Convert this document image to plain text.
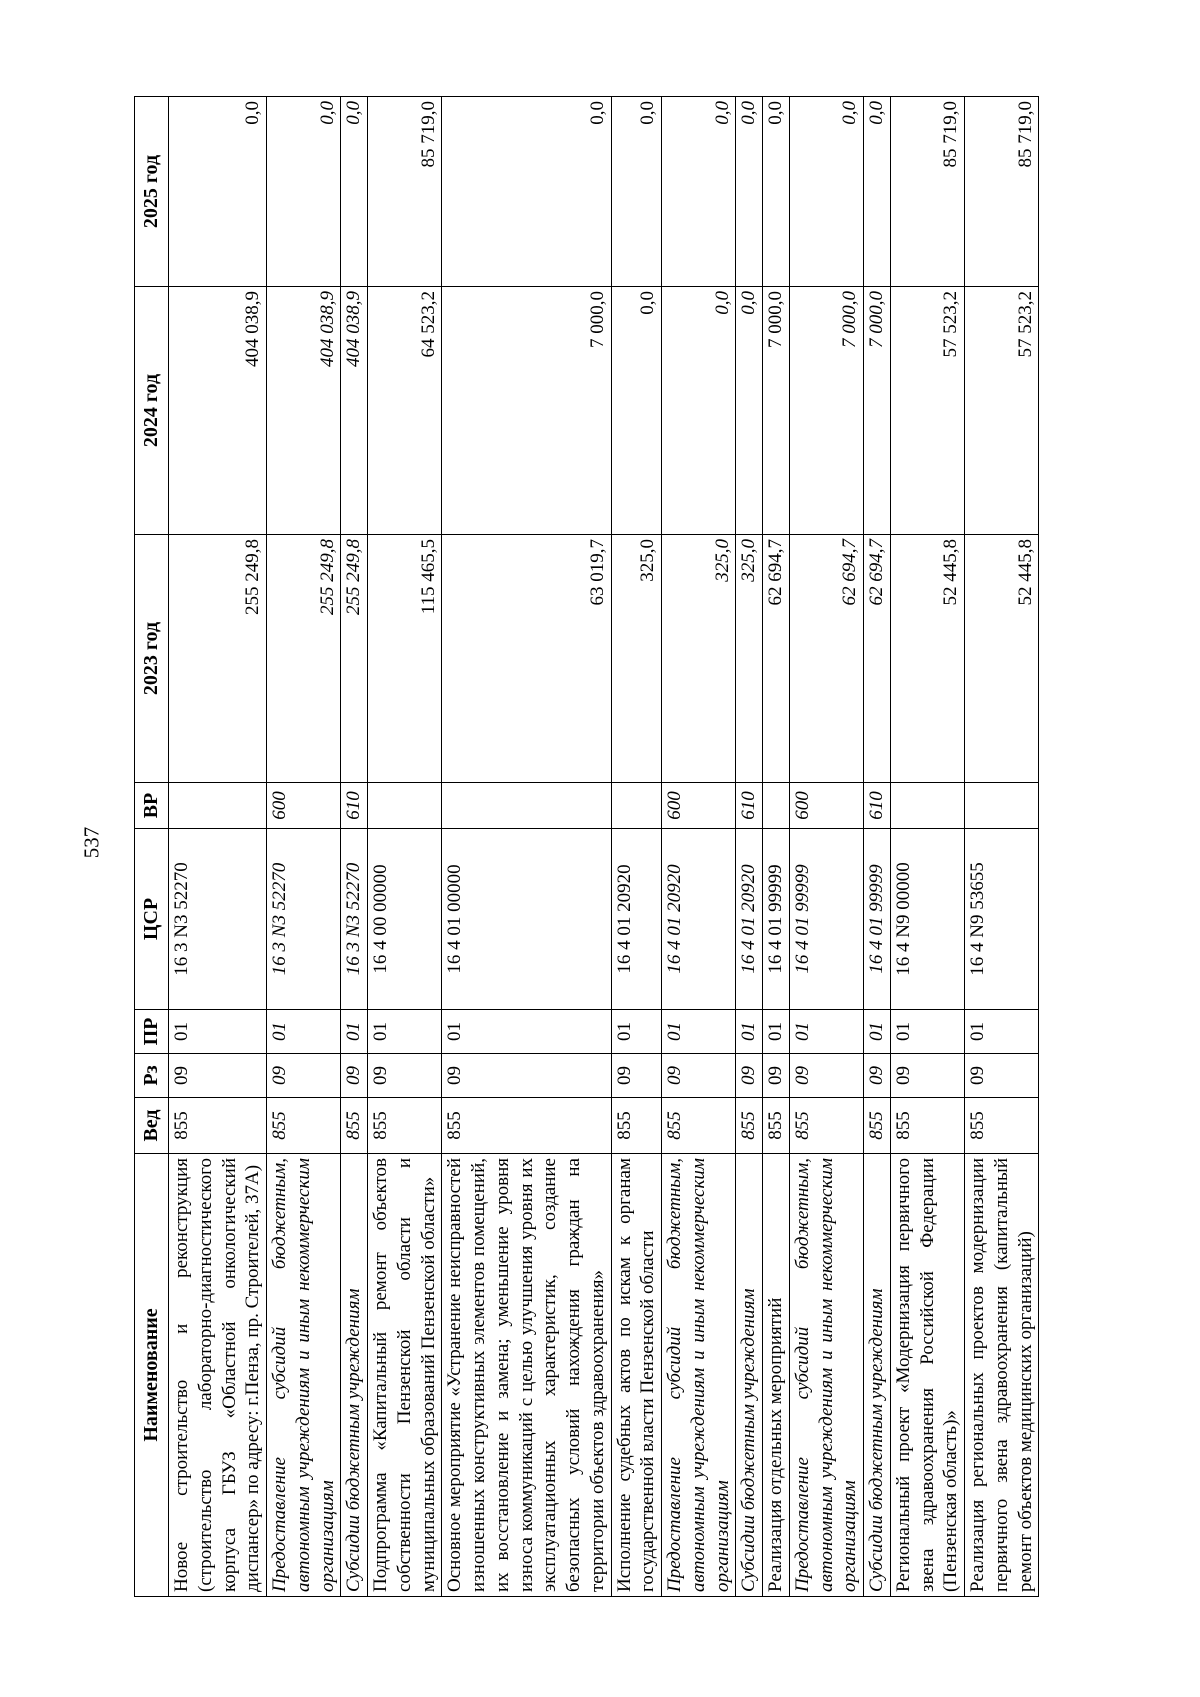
537
Наименование	Вед	Рз	ПР	ЦСР	ВР	2023 год	2024 год	2025 год
Новое строительство и реконструкция (строительство лабораторно-диагностического корпуса ГБУЗ «Областной онкологический диспансер» по адресу: г.Пенза, пр. Строителей, 37А)	855	09	01	16 3 N3 52270		255 249,8	404 038,9	0,0
Предоставление субсидий бюджетным, автономным учреждениям и иным некоммерческим организациям	855	09	01	16 3 N3 52270	600	255 249,8	404 038,9	0,0
Субсидии бюджетным учреждениям	855	09	01	16 3 N3 52270	610	255 249,8	404 038,9	0,0
Подпрограмма «Капитальный ремонт объектов собственности Пензенской области и муниципальных образований Пензенской области»	855	09	01	16 4 00 00000		115 465,5	64 523,2	85 719,0
Основное мероприятие «Устранение неисправностей изношенных конструктивных элементов помещений, их восстановление и замена; уменьшение уровня износа коммуникаций с целью улучшения уровня их эксплуатационных характеристик, создание безопасных условий нахождения граждан на территории объектов здравоохранения»	855	09	01	16 4 01 00000		63 019,7	7 000,0	0,0
Исполнение судебных актов по искам к органам государственной власти Пензенской области	855	09	01	16 4 01 20920		325,0	0,0	0,0
Предоставление субсидий бюджетным, автономным учреждениям и иным некоммерческим организациям	855	09	01	16 4 01 20920	600	325,0	0,0	0,0
Субсидии бюджетным учреждениям	855	09	01	16 4 01 20920	610	325,0	0,0	0,0
Реализация отдельных мероприятий	855	09	01	16 4 01 99999		62 694,7	7 000,0	0,0
Предоставление субсидий бюджетным, автономным учреждениям и иным некоммерческим организациям	855	09	01	16 4 01 99999	600	62 694,7	7 000,0	0,0
Субсидии бюджетным учреждениям	855	09	01	16 4 01 99999	610	62 694,7	7 000,0	0,0
Региональный проект «Модернизация первичного звена здравоохранения Российской Федерации (Пензенская область)»	855	09	01	16 4 N9 00000		52 445,8	57 523,2	85 719,0
Реализация региональных проектов модернизации первичного звена здравоохранения (капитальный ремонт объектов медицинских организаций)	855	09	01	16 4 N9 53655		52 445,8	57 523,2	85 719,0
